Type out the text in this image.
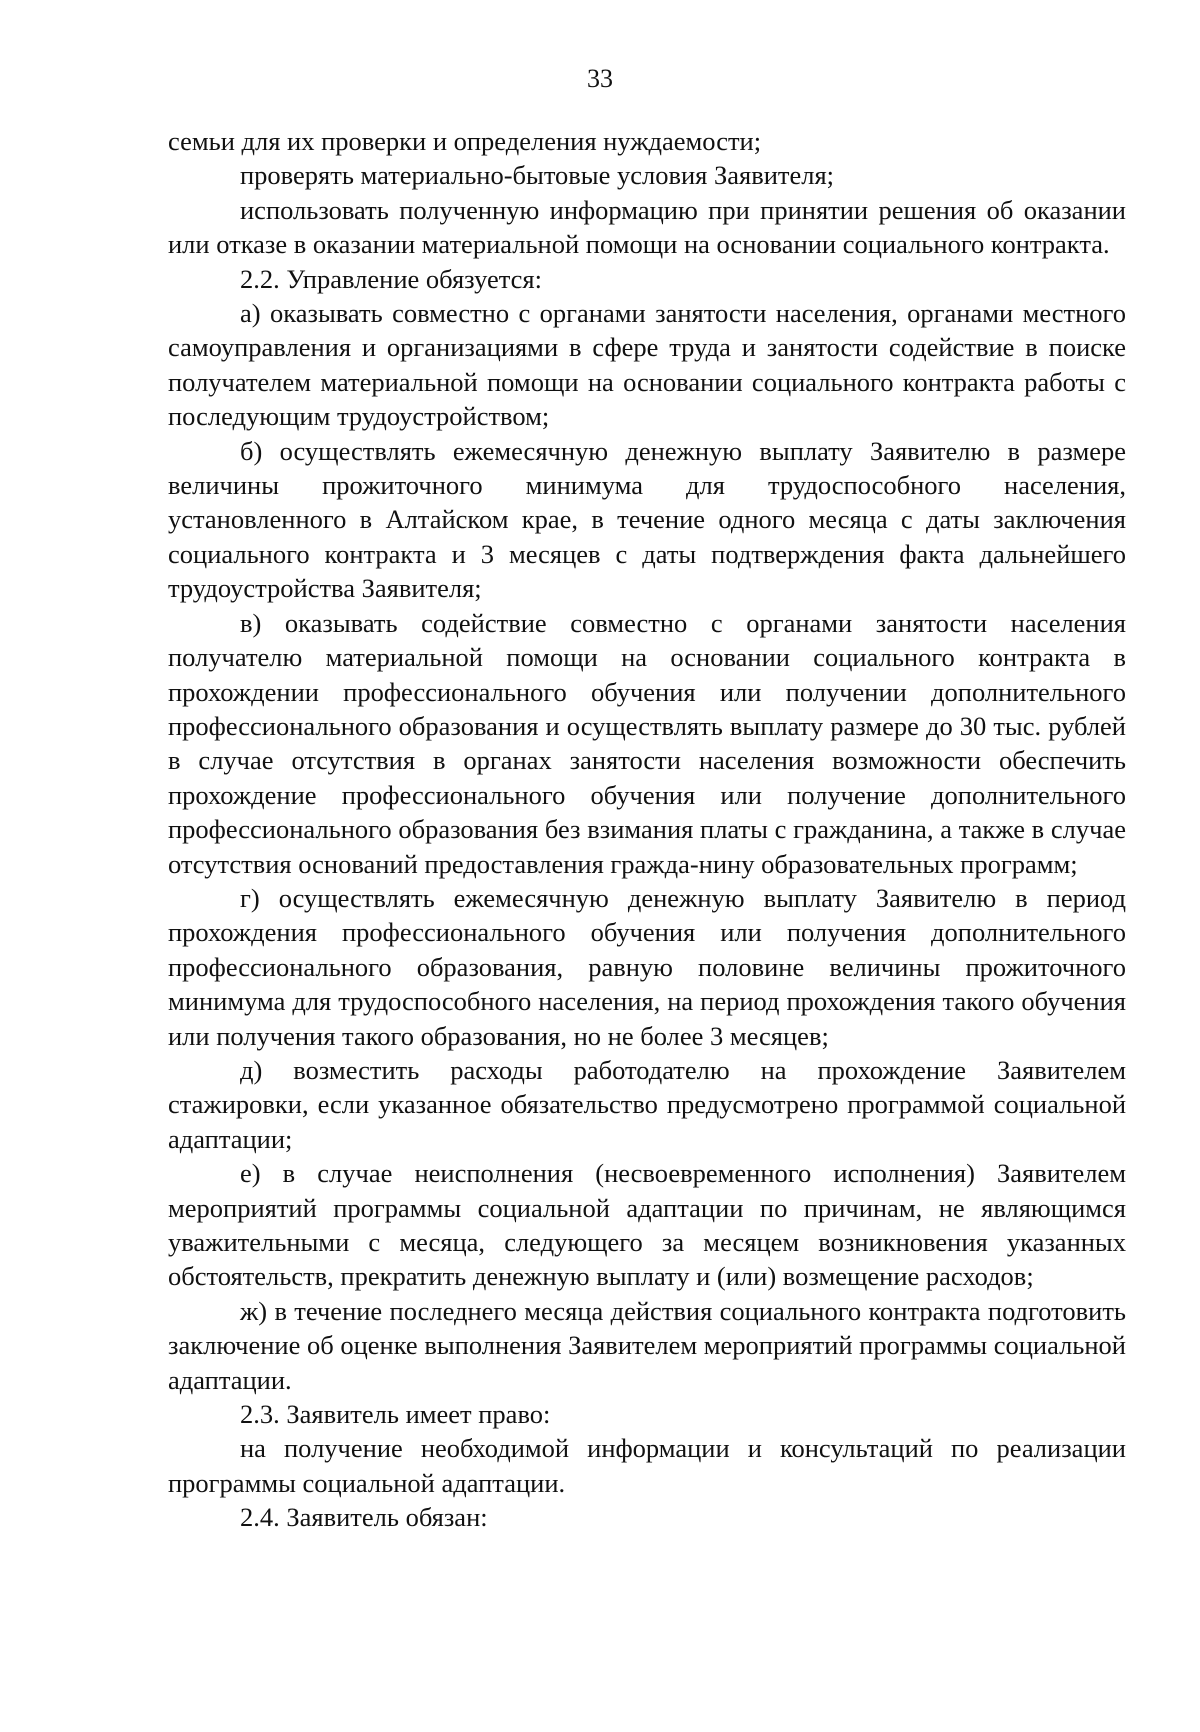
33

семьи для их проверки и определения нуждаемости;

проверять материально-бытовые условия Заявителя;

использовать полученную информацию при принятии решения об оказании или отказе в оказании материальной помощи на основании социального контракта.

2.2. Управление обязуется:

а) оказывать совместно с органами занятости населения, органами местного самоуправления и организациями в сфере труда и занятости содействие в поиске получателем материальной помощи на основании социального контракта работы с последующим трудоустройством;

б) осуществлять ежемесячную денежную выплату Заявителю в размере величины прожиточного минимума для трудоспособного населения, установленного в Алтайском крае, в течение одного месяца с даты заключения социального контракта и 3 месяцев с даты подтверждения факта дальнейшего трудоустройства Заявителя;

в) оказывать содействие совместно с органами занятости населения получателю материальной помощи на основании социального контракта в прохождении профессионального обучения или получении дополнительного профессионального образования и осуществлять выплату размере до 30 тыс. рублей в случае отсутствия в органах занятости населения возможности обеспечить прохождение профессионального обучения или получение дополнительного профессионального образования без взимания платы с гражданина, а также в случае отсутствия оснований предоставления гражда-нину образовательных программ;

г) осуществлять ежемесячную денежную выплату Заявителю в период прохождения профессионального обучения или получения дополнительного профессионального образования, равную половине величины прожиточного минимума для трудоспособного населения, на период прохождения такого обучения или получения такого образования, но не более 3 месяцев;

д) возместить расходы работодателю на прохождение Заявителем стажировки, если указанное обязательство предусмотрено программой социальной адаптации;

е) в случае неисполнения (несвоевременного исполнения) Заявителем мероприятий программы социальной адаптации по причинам, не являющимся уважительными с месяца, следующего за месяцем возникновения указанных обстоятельств, прекратить денежную выплату и (или) возмещение расходов;

ж) в течение последнего месяца действия социального контракта подготовить заключение об оценке выполнения Заявителем мероприятий программы социальной адаптации.

2.3. Заявитель имеет право:

на получение необходимой информации и консультаций по реализации программы социальной адаптации.

2.4. Заявитель обязан:
